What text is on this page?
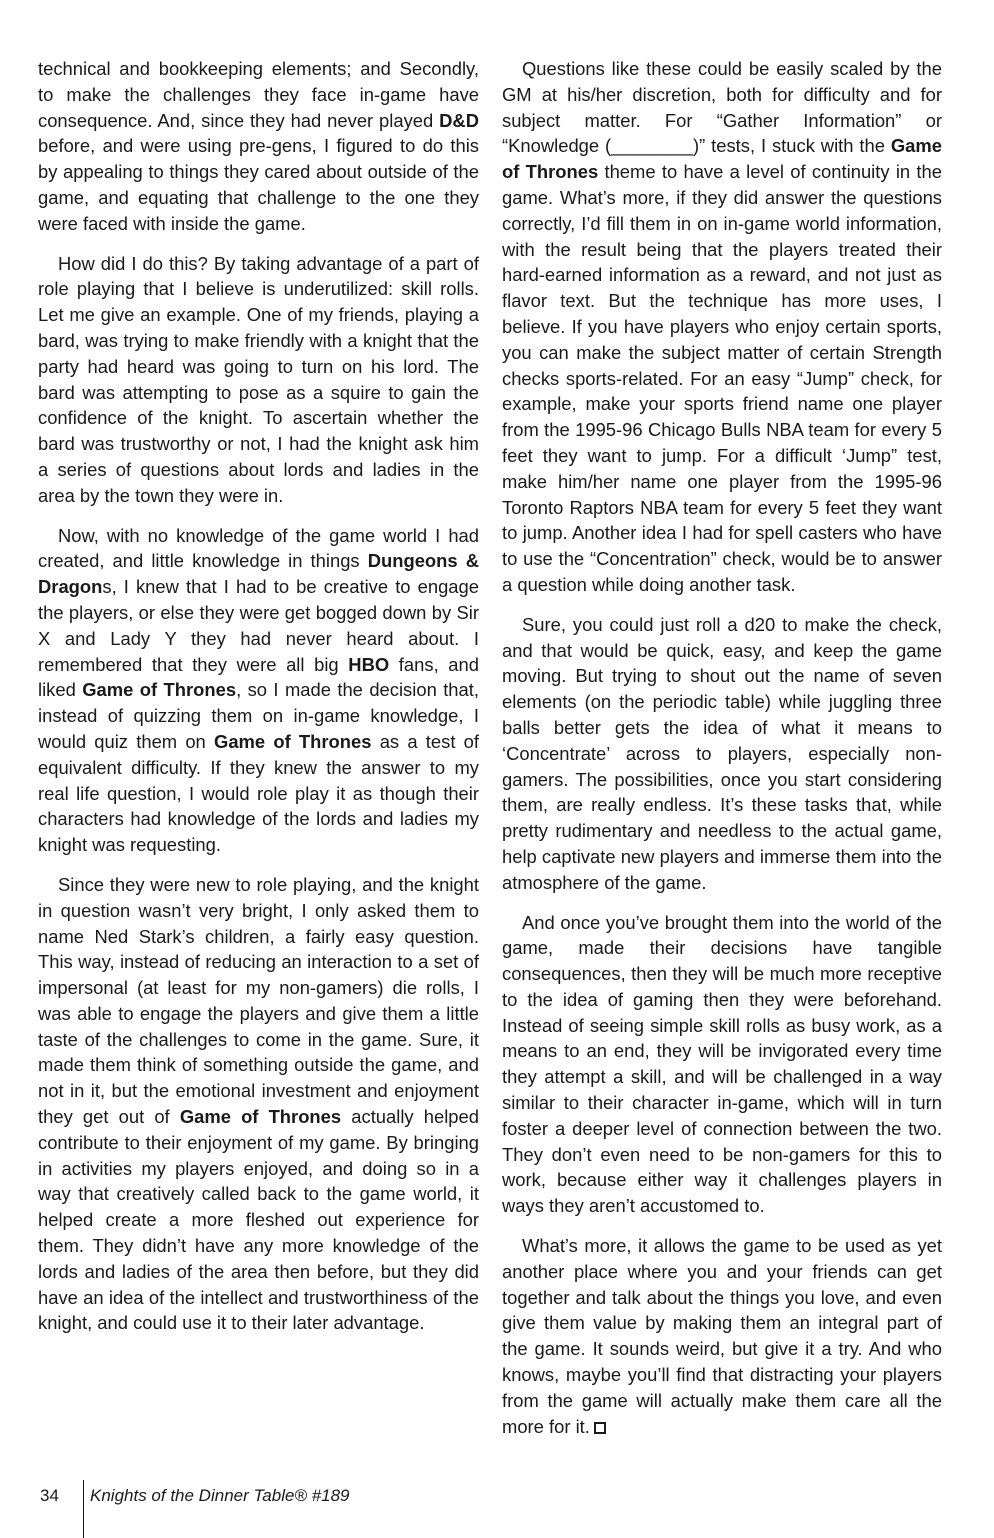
technical and bookkeeping elements; and Secondly, to make the challenges they face in-game have consequence. And, since they had never played D&D before, and were using pre-gens, I figured to do this by appealing to things they cared about outside of the game, and equating that challenge to the one they were faced with inside the game.

How did I do this? By taking advantage of a part of role playing that I believe is underutilized: skill rolls. Let me give an example. One of my friends, playing a bard, was trying to make friendly with a knight that the party had heard was going to turn on his lord. The bard was attempting to pose as a squire to gain the confidence of the knight. To ascertain whether the bard was trustworthy or not, I had the knight ask him a series of questions about lords and ladies in the area by the town they were in.

Now, with no knowledge of the game world I had created, and little knowledge in things Dungeons & Dragons, I knew that I had to be creative to engage the players, or else they were get bogged down by Sir X and Lady Y they had never heard about. I remembered that they were all big HBO fans, and liked Game of Thrones, so I made the decision that, instead of quizzing them on in-game knowledge, I would quiz them on Game of Thrones as a test of equivalent difficulty. If they knew the answer to my real life question, I would role play it as though their characters had knowledge of the lords and ladies my knight was requesting.

Since they were new to role playing, and the knight in question wasn’t very bright, I only asked them to name Ned Stark’s children, a fairly easy question. This way, instead of reducing an interaction to a set of impersonal (at least for my non-gamers) die rolls, I was able to engage the players and give them a little taste of the challenges to come in the game. Sure, it made them think of something outside the game, and not in it, but the emotional investment and enjoyment they get out of Game of Thrones actually helped contribute to their enjoyment of my game. By bringing in activities my players enjoyed, and doing so in a way that creatively called back to the game world, it helped create a more fleshed out experience for them. They didn’t have any more knowledge of the lords and ladies of the area then before, but they did have an idea of the intellect and trustworthiness of the knight, and could use it to their later advantage.

Questions like these could be easily scaled by the GM at his/her discretion, both for difficulty and for subject matter. For “Gather Information” or “Knowledge (________)” tests, I stuck with the Game of Thrones theme to have a level of continuity in the game. What’s more, if they did answer the questions correctly, I’d fill them in on in-game world information, with the result being that the players treated their hard-earned information as a reward, and not just as flavor text. But the technique has more uses, I believe. If you have players who enjoy certain sports, you can make the subject matter of certain Strength checks sports-related. For an easy “Jump” check, for example, make your sports friend name one player from the 1995-96 Chicago Bulls NBA team for every 5 feet they want to jump. For a difficult ‘Jump” test, make him/her name one player from the 1995-96 Toronto Raptors NBA team for every 5 feet they want to jump. Another idea I had for spell casters who have to use the “Concentration” check, would be to answer a question while doing another task.

Sure, you could just roll a d20 to make the check, and that would be quick, easy, and keep the game moving. But trying to shout out the name of seven elements (on the periodic table) while juggling three balls better gets the idea of what it means to ‘Concentrate’ across to players, especially non-gamers. The possibilities, once you start considering them, are really endless. It’s these tasks that, while pretty rudimentary and needless to the actual game, help captivate new players and immerse them into the atmosphere of the game.

And once you’ve brought them into the world of the game, made their decisions have tangible consequences, then they will be much more receptive to the idea of gaming then they were beforehand. Instead of seeing simple skill rolls as busy work, as a means to an end, they will be invigorated every time they attempt a skill, and will be challenged in a way similar to their character in-game, which will in turn foster a deeper level of connection between the two. They don’t even need to be non-gamers for this to work, because either way it challenges players in ways they aren’t accustomed to.

What’s more, it allows the game to be used as yet another place where you and your friends can get together and talk about the things you love, and even give them value by making them an integral part of the game. It sounds weird, but give it a try. And who knows, maybe you’ll find that distracting your players from the game will actually make them care all the more for it.

34 Knights of the Dinner Table® #189
